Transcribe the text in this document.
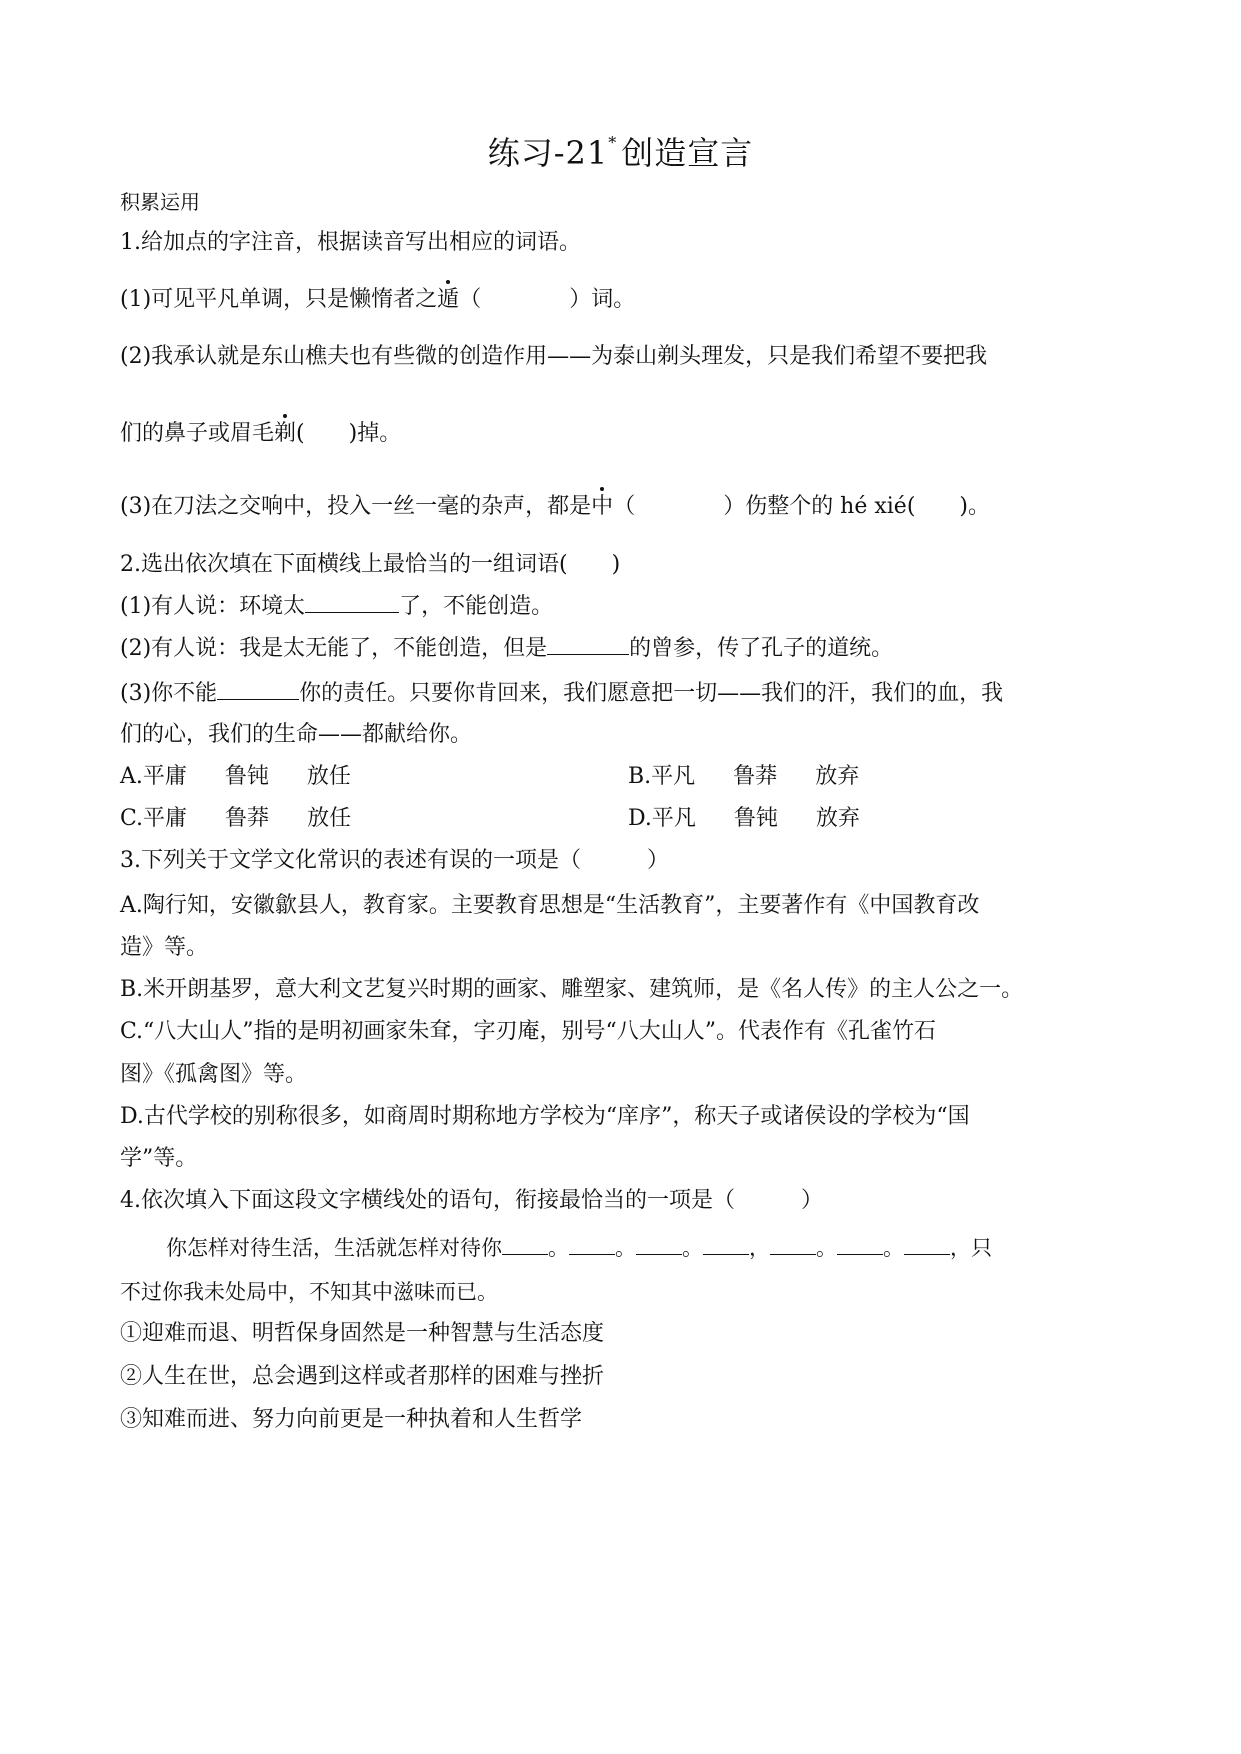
练习-21* 创造宣言
积累运用
1.给加点的字注音，根据读音写出相应的词语。
(1)可见平凡单调，只是懒惰者之遁（　　　　）词。
(2)我承认就是东山樵夫也有些微的创造作用——为泰山剃头理发，只是我们希望不要把我
们的鼻子或眉毛剃(　　)掉。
(3)在刀法之交响中，投入一丝一毫的杂声，都是中（　　　　）伤整个的 hé xié(　　)。
2.选出依次填在下面横线上最恰当的一组词语(　　)
(1)有人说：环境太	了，不能创造。
(2)有人说：我是太无能了，不能创造，但是	的曾参，传了孔子的道统。
(3)你不能	你的责任。只要你肯回来，我们愿意把一切——我们的汗，我们的血，我
们的心，我们的生命——都献给你。
A.平庸 鲁钝 放任	B.平凡 鲁莽 放弃
C.平庸 鲁莽 放任	D.平凡 鲁钝 放弃
3.下列关于文学文化常识的表述有误的一项是（　　　）
A.陶行知，安徽歙县人，教育家。主要教育思想是“生活教育”，主要著作有《中国教育改
造》等。
B.米开朗基罗，意大利文艺复兴时期的画家、雕塑家、建筑师，是《名人传》的主人公之一。
C.“八大山人”指的是明初画家朱耷，字刃庵，别号“八大山人”。代表作有《孔雀竹石
图》《孤禽图》等。
D.古代学校的别称很多，如商周时期称地方学校为“庠序”，称天子或诸侯设的学校为“国
学”等。
4.依次填入下面这段文字横线处的语句，衔接最恰当的一项是（　　　）
你怎样对待生活，生活就怎样对待你 。 。 。 ， 。 。 ，只
不过你我未处局中，不知其中滋味而已。
①迎难而退、明哲保身固然是一种智慧与生活态度
②人生在世，总会遇到这样或者那样的困难与挫折
③知难而进、努力向前更是一种执着和人生哲学
